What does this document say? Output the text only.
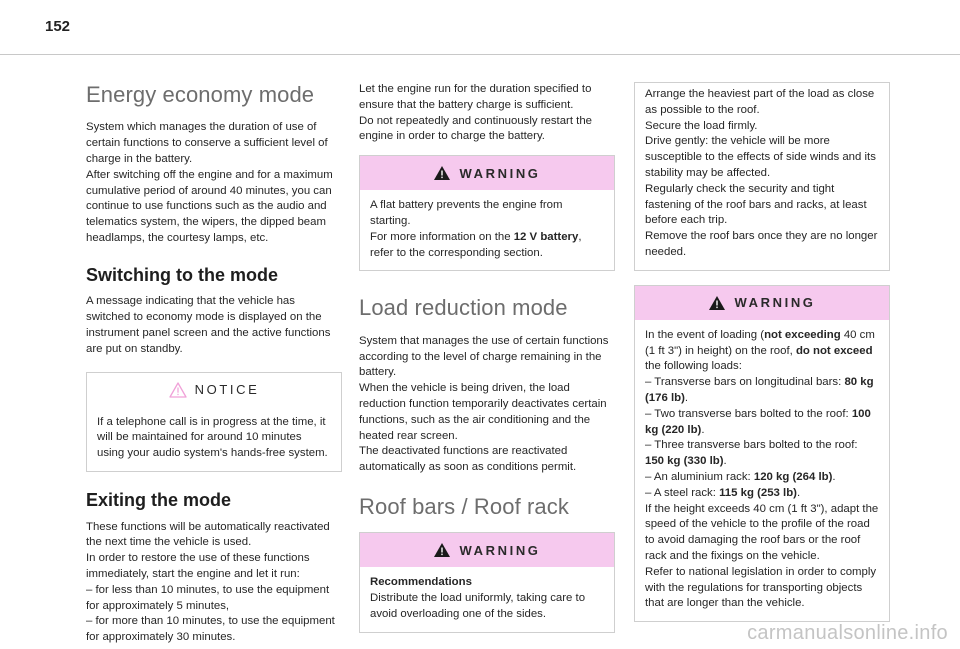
152
Energy economy mode

System which manages the duration of use of certain functions to conserve a sufficient level of charge in the battery.
After switching off the engine and for a maximum cumulative period of around 40 minutes, you can continue to use functions such as the audio and telematics system, the wipers, the dipped beam headlamps, the courtesy lamps, etc.

Switching to the mode

A message indicating that the vehicle has switched to economy mode is displayed on the instrument panel screen and the active functions are put on standby.

NOTICE

If a telephone call is in progress at the time, it will be maintained for around 10 minutes using your audio system's hands-free system.

Exiting the mode

These functions will be automatically reactivated the next time the vehicle is used.
In order to restore the use of these functions immediately, start the engine and let it run:
– for less than 10 minutes, to use the equipment for approximately 5 minutes,
– for more than 10 minutes, to use the equipment for approximately 30 minutes.

Let the engine run for the duration specified to ensure that the battery charge is sufficient.
Do not repeatedly and continuously restart the engine in order to charge the battery.

WARNING

A flat battery prevents the engine from starting.
For more information on the 12 V battery, refer to the corresponding section.

Load reduction mode

System that manages the use of certain functions according to the level of charge remaining in the battery.
When the vehicle is being driven, the load reduction function temporarily deactivates certain functions, such as the air conditioning and the heated rear screen.
The deactivated functions are reactivated automatically as soon as conditions permit.

Roof bars / Roof rack
WARNING

Recommendations

Distribute the load uniformly, taking care to avoid overloading one of the sides.

Arrange the heaviest part of the load as close as possible to the roof.
Secure the load firmly.
Drive gently: the vehicle will be more susceptible to the effects of side winds and its stability may be affected.
Regularly check the security and tight fastening of the roof bars and racks, at least before each trip.
Remove the roof bars once they are no longer needed.

WARNING

In the event of loading (not exceeding 40 cm (1 ft 3") in height) on the roof, do not exceed the following loads:
– Transverse bars on longitudinal bars: 80 kg (176 lb).
– Two transverse bars bolted to the roof: 100 kg (220 lb).
– Three transverse bars bolted to the roof: 150 kg (330 lb).
– An aluminium rack: 120 kg (264 lb).
– A steel rack: 115 kg (253 lb).
If the height exceeds 40 cm (1 ft 3"), adapt the speed of the vehicle to the profile of the road to avoid damaging the roof bars or the roof rack and the fixings on the vehicle.
Refer to national legislation in order to comply with the regulations for transporting objects that are longer than the vehicle.

carmanualsonline.info
